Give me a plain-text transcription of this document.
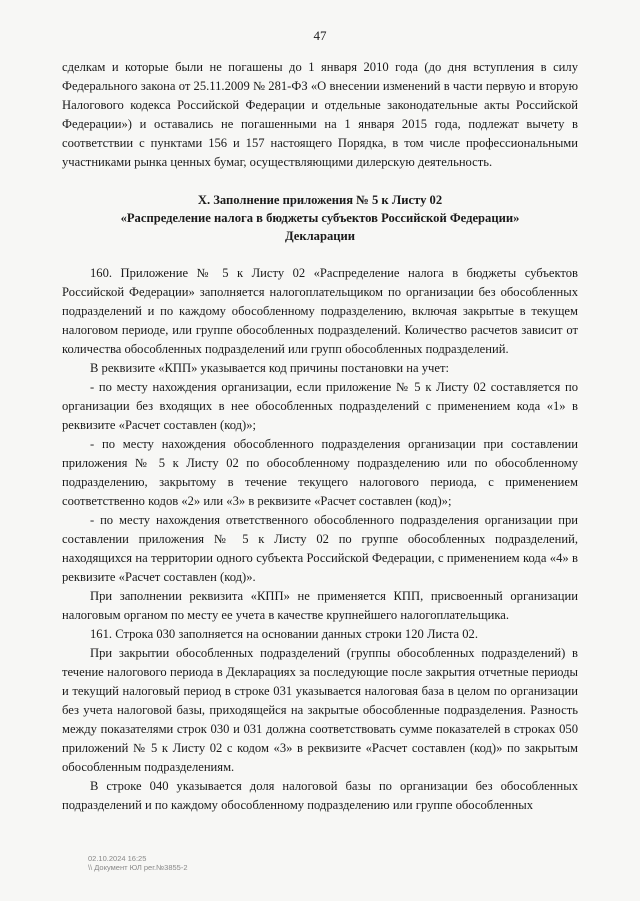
47

сделкам и которые были не погашены до 1 января 2010 года (до дня вступления в силу Федерального закона от 25.11.2009 № 281-ФЗ «О внесении изменений в части первую и вторую Налогового кодекса Российской Федерации и отдельные законодательные акты Российской Федерации») и оставались не погашенными на 1 января 2015 года, подлежат вычету в соответствии с пунктами 156 и 157 настоящего Порядка, в том числе профессиональными участниками рынка ценных бумаг, осуществляющими дилерскую деятельность.

X. Заполнение приложения № 5 к Листу 02
«Распределение налога в бюджеты субъектов Российской Федерации»
Декларации

160. Приложение № 5 к Листу 02 «Распределение налога в бюджеты субъектов Российской Федерации» заполняется налогоплательщиком по организации без обособленных подразделений и по каждому обособленному подразделению, включая закрытые в текущем налоговом периоде, или группе обособленных подразделений. Количество расчетов зависит от количества обособленных подразделений или групп обособленных подразделений.

В реквизите «КПП» указывается код причины постановки на учет:

- по месту нахождения организации, если приложение № 5 к Листу 02 составляется по организации без входящих в нее обособленных подразделений с применением кода «1» в реквизите «Расчет составлен (код)»;

- по месту нахождения обособленного подразделения организации при составлении приложения № 5 к Листу 02 по обособленному подразделению или по обособленному подразделению, закрытому в течение текущего налогового периода, с применением соответственно кодов «2» или «3» в реквизите «Расчет составлен (код)»;

- по месту нахождения ответственного обособленного подразделения организации при составлении приложения № 5 к Листу 02 по группе обособленных подразделений, находящихся на территории одного субъекта Российской Федерации, с применением кода «4» в реквизите «Расчет составлен (код)».

При заполнении реквизита «КПП» не применяется КПП, присвоенный организации налоговым органом по месту ее учета в качестве крупнейшего налогоплательщика.

161. Строка 030 заполняется на основании данных строки 120 Листа 02.

При закрытии обособленных подразделений (группы обособленных подразделений) в течение налогового периода в Декларациях за последующие после закрытия отчетные периоды и текущий налоговый период в строке 031 указывается налоговая база в целом по организации без учета налоговой базы, приходящейся на закрытые обособленные подразделения. Разность между показателями строк 030 и 031 должна соответствовать сумме показателей в строках 050 приложений № 5 к Листу 02 с кодом «3» в реквизите «Расчет составлен (код)» по закрытым обособленным подразделениям.

В строке 040 указывается доля налоговой базы по организации без обособленных подразделений и по каждому обособленному подразделению или группе обособленных

02.10.2024 16:25
\\ Документ ЮЛ рег.№3855-2
